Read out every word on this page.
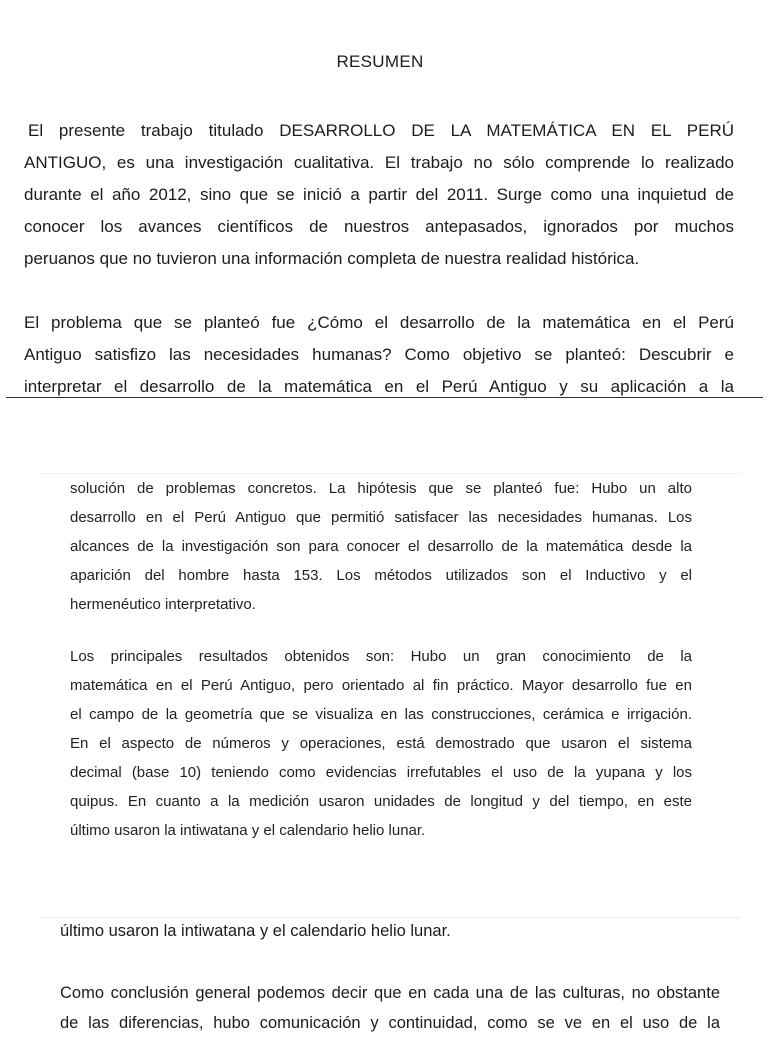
RESUMEN
El presente trabajo titulado DESARROLLO DE LA MATEMÁTICA EN EL PERÚ
ANTIGUO, es una investigación cualitativa. El trabajo no sólo comprende lo realizado
durante el año 2012, sino que se inició a partir del 2011. Surge como una inquietud de
conocer los avances científicos de nuestros antepasados, ignorados por muchos
peruanos que no tuvieron una información completa de nuestra realidad histórica.
El problema que se planteó fue ¿Cómo el desarrollo de la matemática en el Perú
Antiguo satisfizo las necesidades humanas? Como objetivo se planteó: Descubrir e
interpretar el desarrollo de la matemática en el Perú Antiguo y su aplicación a la
solución de problemas concretos. La hipótesis que se planteó fue: Hubo un alto
desarrollo en el Perú Antiguo que permitió satisfacer las necesidades humanas. Los
alcances de la investigación son para conocer el desarrollo de la matemática desde la
aparición del hombre hasta 153. Los métodos utilizados son el Inductivo y el
hermenéutico interpretativo.
Los principales resultados obtenidos son: Hubo un gran conocimiento de la
matemática en el Perú Antiguo, pero orientado al fin práctico. Mayor desarrollo fue en
el campo de la geometría que se visualiza en las construcciones, cerámica e irrigación.
En el aspecto de números y operaciones, está demostrado que usaron el sistema
decimal (base 10) teniendo como evidencias irrefutables el uso de la yupana y los
quipus. En cuanto a la medición usaron unidades de longitud y del tiempo, en este
último usaron la intiwatana y el calendario helio lunar.
último usaron la intiwatana y el calendario helio lunar.
Como conclusión general podemos decir que en cada una de las culturas, no obstante
de las diferencias, hubo comunicación y continuidad, como se ve en el uso de la
